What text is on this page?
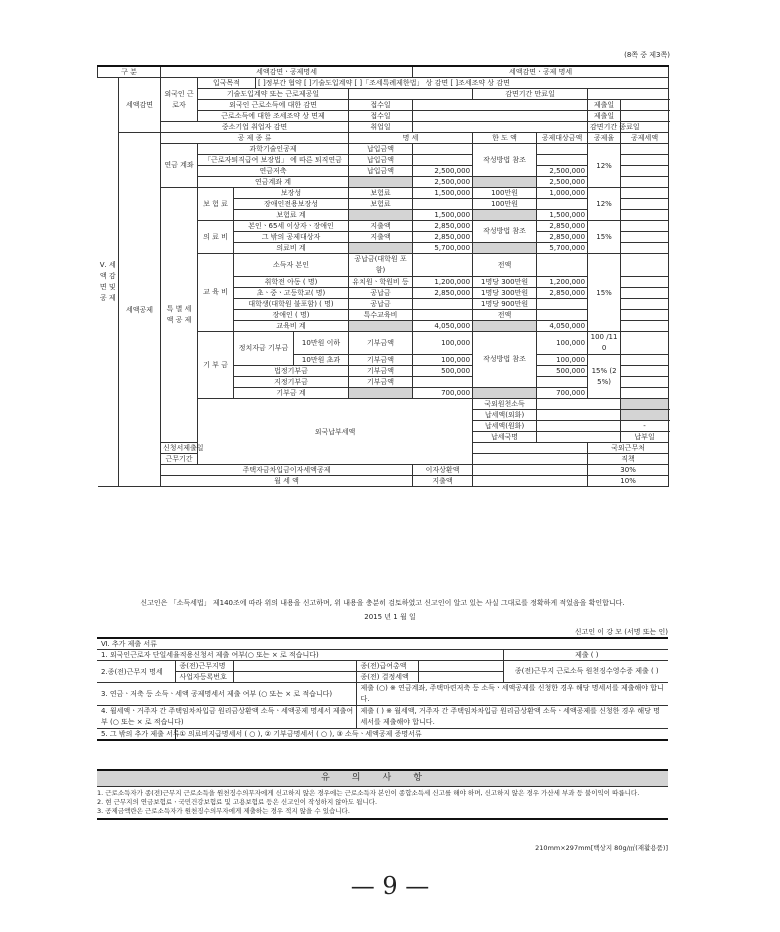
(8쪽 중 제3쪽)
구 분	세액감면ㆍ공제명세	세액감면ㆍ공제 명세
Ⅴ. 세 액 감 면 및 공 제	세액감면	외국인 근로자	입국목적	[ ]정부간 협약 [ ]기술도입계약 [ ]「조세특례제한법」 상 감면 [ ]조세조약 상 감면
기술도입계약 또는 근로제공일		감면기간 만료일	
외국인 근로소득에 대한 감면	접수일		제출일	
근로소득에 대한 조세조약 상 면제	접수일		제출일	
중소기업 취업자 감면	취업일		감면기간 종료일	
세액공제	공 제 종 류	명 세	한 도 액	공제대상금액	공제율	공제세액
연금 계좌	과학기술인공제	납입금액		작성방법 참조		12%	
「근로자퇴직급여 보장법」 에 따른 퇴직연금	납입금액			
연금저축	납입금액	2,500,000	2,500,000	
연금계좌 계		2,500,000		2,500,000	
특 별 세 액 공 제	보 험 료	보장성	보험료	1,500,000	100만원	1,000,000	12%	
장애인전용보장성	보험료		100만원		
보험료 계		1,500,000		1,500,000	
의 료 비	본인ㆍ65세 이상자ㆍ장애인	지출액	2,850,000	작성방법 참조	2,850,000	15%	
그 밖의 공제대상자	지출액	2,850,000	2,850,000	
의료비 계		5,700,000		5,700,000	
교 육 비	소득자 본인	공납금(대학원 포함)		전액		15%	
취학전 아동 ( 명)	유치원ㆍ학원비 등	1,200,000	1명당 300만원	1,200,000	
초ㆍ중ㆍ고등학교( 명)	공납금	2,850,000	1명당 300만원	2,850,000	
대학생(대학원 불포함) ( 명)	공납금		1명당 900만원		
장애인 ( 명)	특수교육비		전액		
교육비 계		4,050,000		4,050,000	
기 부 금	정치자금 기부금	10만원 이하	기부금액	100,000	작성방법 참조	100,000	100 /110	
10만원 초과	기부금액	100,000	100,000	15% (25%)	
법정기부금	기부금액	500,000	500,000	
지정기부금	기부금액			
기부금 계		700,000		700,000	
외국납부세액	국외원천소득			
납세액(외화)			
납세액(원화)		-	
납세국명		납부일	
신청서제출일		국외근무처	
근무기간		직책	
주택자금차입금이자세액공제	이자상환액		30%	
월 세 액	지출액		10%	
신고인은 「소득세법」 제140조에 따라 위의 내용을 신고하며, 위 내용을 충분히 검토하였고 신고인이 알고 있는 사실 그대로를 정확하게 적었음을 확인합니다.
2015 년 1 월 일
신고인 이 강 모 (서명 또는 인)
Ⅵ. 추가 제출 서류
1. 외국인근로자 단일세율적용신청서 제출 여부(○ 또는 × 로 적습니다)	제출 ( )
2.종(전)근무지 명세	종(전)근무지명		종(전)급여총액		종(전)근무지 근로소득 원천징수영수증 제출 ( )
사업자등록번호		종(전) 결정세액	
3. 연금ㆍ저축 등 소득ㆍ세액 공제명세서 제출 여부 (○ 또는 × 로 적습니다)	제출 (○) ※ 연금계좌, 주택마련저축 등 소득ㆍ세액공제를 신청한 경우 해당 명세서를 제출해야 합니다.
4. 월세액ㆍ거주자 간 주택임차차입금 원리금상환액 소득ㆍ세액공제 명세서 제출여부 (○ 또는 × 로 적습니다)	제출 ( ) ※ 월세액, 거주자 간 주택임차차입금 원리금상환액 소득ㆍ세액공제를 신청한 경우 해당 명세서를 제출해야 합니다.
5. 그 밖의 추가 제출 서류	① 의료비지급명세서 ( ○ ), ② 기부금명세서 ( ○ ), ③ 소득ㆍ세액공제 증명서류
유의사항
1. 근로소득자가 종(전)근무지 근로소득을 원천징수의무자에게 신고하지 않은 경우에는 근로소득자 본인이 종합소득세 신고를 해야 하며, 신고하지 않은 경우 가산세 부과 등 불이익이 따릅니다.
2. 현 근무지의 연금보험료ㆍ국민건강보험료 및 고용보험료 등은 신고인이 작성하지 않아도 됩니다.
3. 공제금액란은 근로소득자가 원천징수의무자에게 제출하는 경우 적지 않을 수 있습니다.
210mm×297mm[백상지 80g/㎡(재활용품)]
— 9 —
